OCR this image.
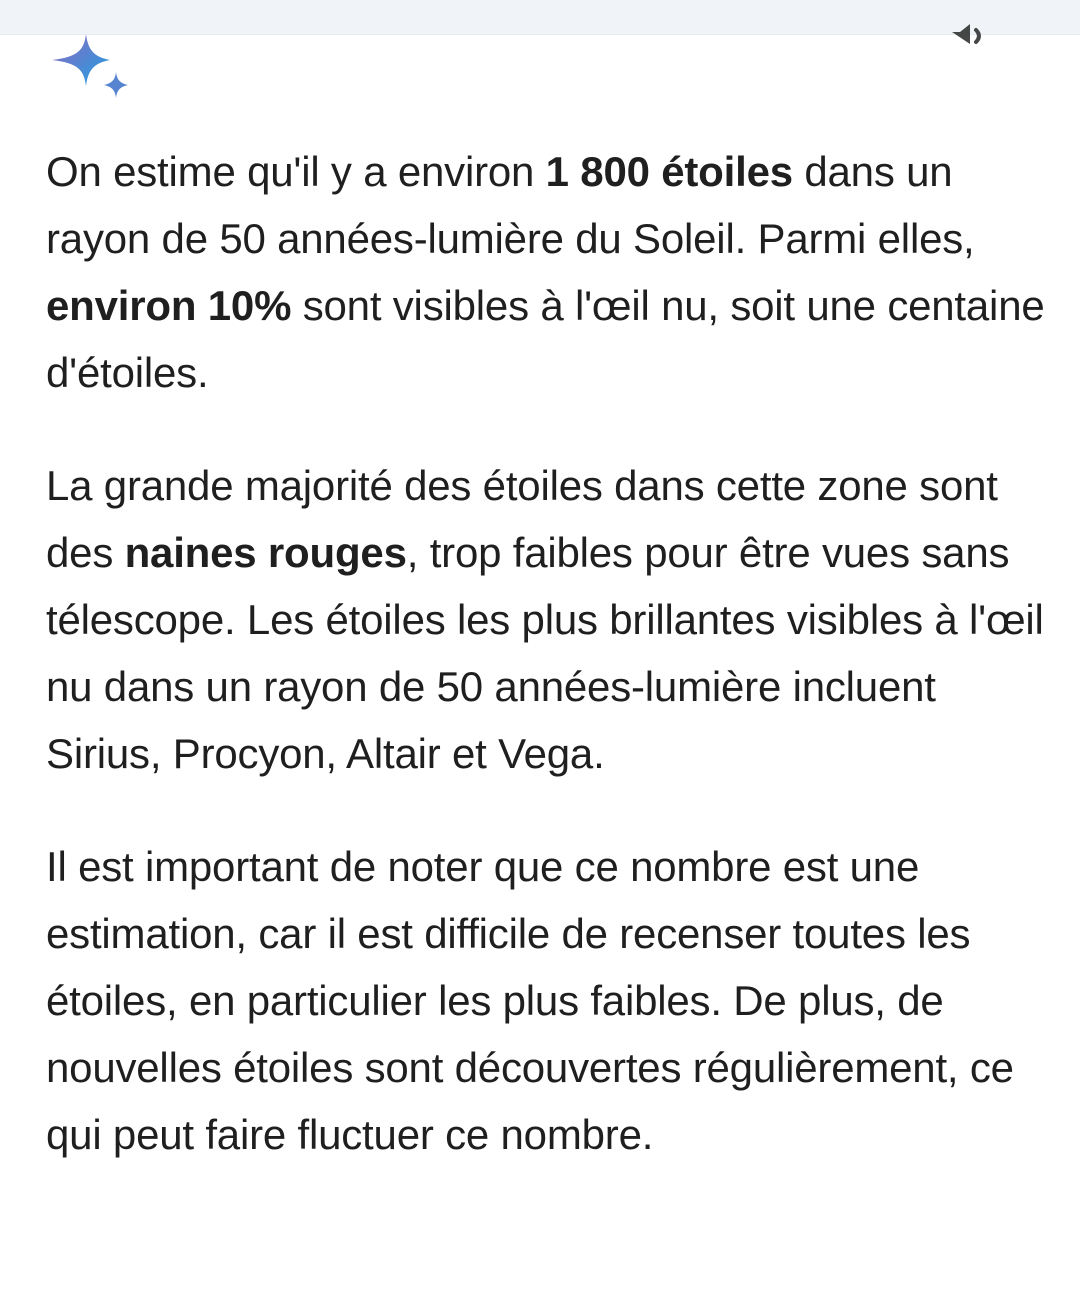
On estime qu'il y a environ 1 800 étoiles dans un rayon de 50 années-lumière du Soleil. Parmi elles, environ 10% sont visibles à l'œil nu, soit une centaine d'étoiles.

La grande majorité des étoiles dans cette zone sont des naines rouges, trop faibles pour être vues sans télescope. Les étoiles les plus brillantes visibles à l'œil nu dans un rayon de 50 années-lumière incluent Sirius, Procyon, Altair et Vega.

Il est important de noter que ce nombre est une estimation, car il est difficile de recenser toutes les étoiles, en particulier les plus faibles. De plus, de nouvelles étoiles sont découvertes régulièrement, ce qui peut faire fluctuer ce nombre.
